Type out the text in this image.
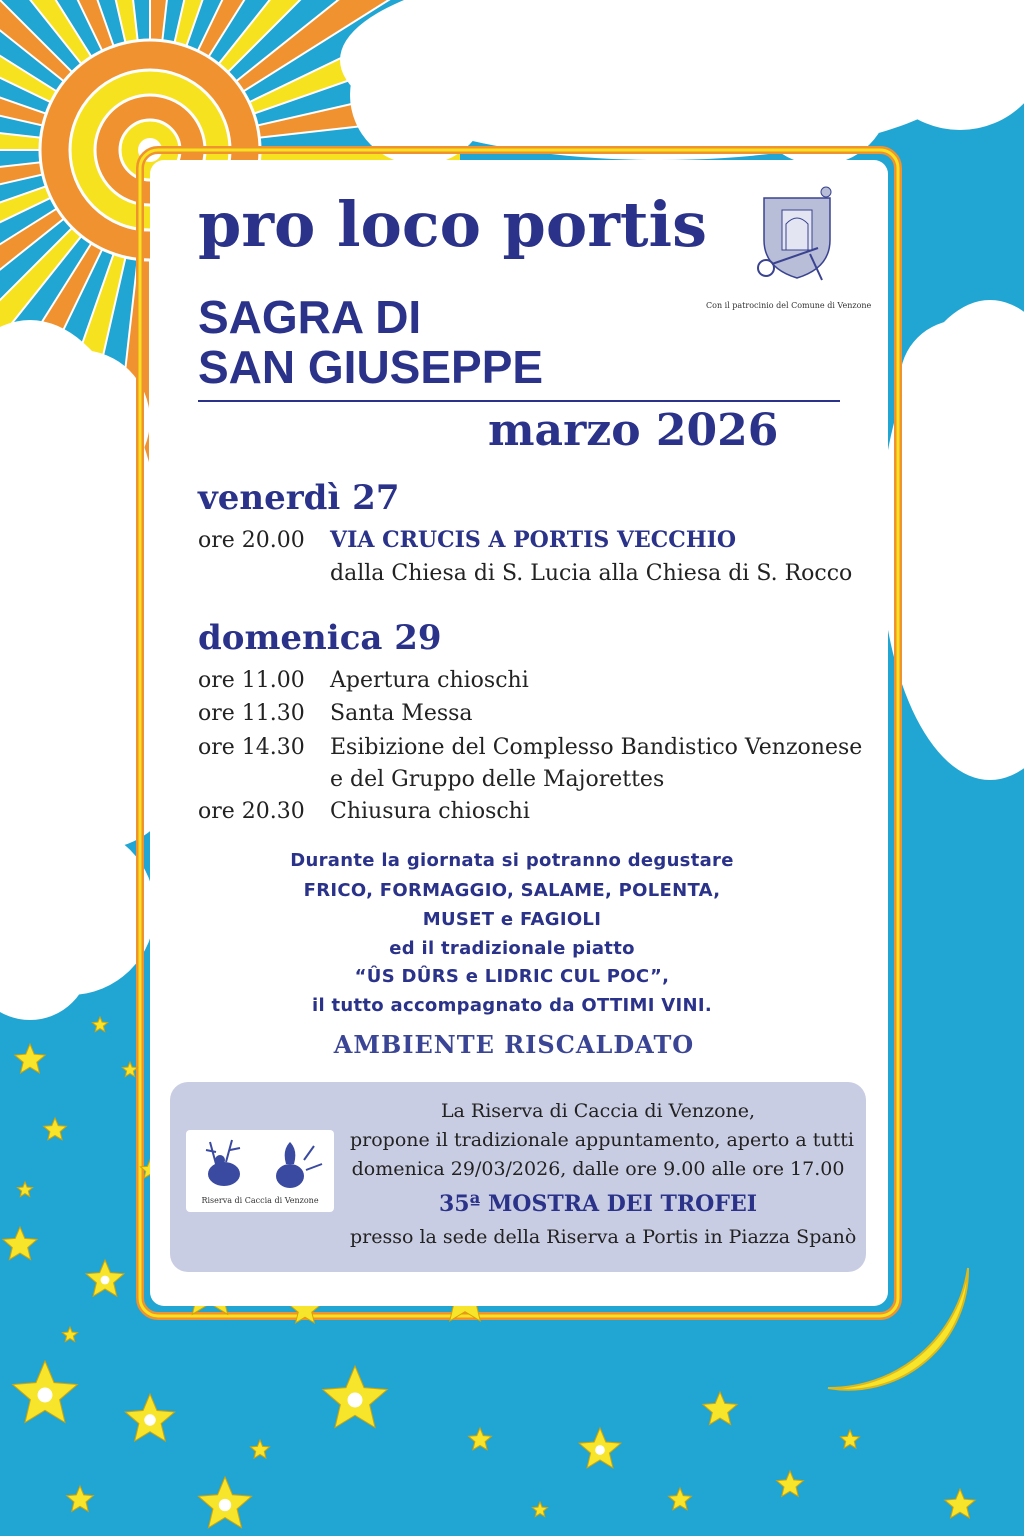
pro loco portis
Con il patrocinio del Comune di Venzone
SAGRA DI
SAN GIUSEPPE
marzo 2026
venerdì 27
ore 20.00 VIA CRUCIS A PORTIS VECCHIO
dalla Chiesa di S. Lucia alla Chiesa di S. Rocco
domenica 29
ore 11.00 Apertura chioschi
ore 11.30 Santa Messa
ore 14.30 Esibizione del Complesso Bandistico Venzonese
e del Gruppo delle Majorettes
ore 20.30 Chiusura chioschi
Durante la giornata si potranno degustare
FRICO, FORMAGGIO, SALAME, POLENTA,
MUSET e FAGIOLI
ed il tradizionale piatto
“ÛS DÛRS e LIDRIC CUL POC”,
il tutto accompagnato da OTTIMI VINI.
AMBIENTE RISCALDATO
Riserva di Caccia di Venzone
La Riserva di Caccia di Venzone,
propone il tradizionale appuntamento, aperto a tutti
domenica 29/03/2026, dalle ore 9.00 alle ore 17.00
35ª MOSTRA DEI TROFEI
presso la sede della Riserva a Portis in Piazza Spanò
